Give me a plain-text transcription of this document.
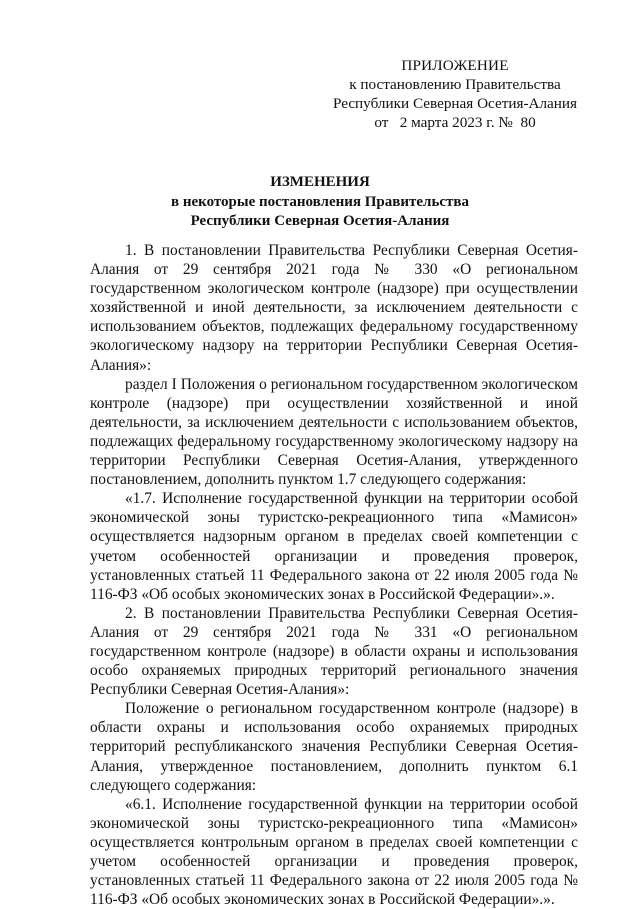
ПРИЛОЖЕНИЕ
к постановлению Правительства
Республики Северная Осетия-Алания
от   2 марта 2023 г. №  80
ИЗМЕНЕНИЯ
в некоторые постановления Правительства
Республики Северная Осетия-Алания

1. В постановлении Правительства Республики Северная Осетия-Алания от 29 сентября 2021 года № 330 «О региональном государственном экологическом контроле (надзоре) при осуществлении хозяйственной и иной деятельности, за исключением деятельности с использованием объектов, подлежащих федеральному государственному экологическому надзору на территории Республики Северная Осетия-Алания»:

раздел I Положения о региональном государственном экологическом контроле (надзоре) при осуществлении хозяйственной и иной деятельности, за исключением деятельности с использованием объектов, подлежащих федеральному государственному экологическому надзору на территории Республики Северная Осетия-Алания, утвержденного постановлением, дополнить пунктом 1.7 следующего содержания:

«1.7. Исполнение государственной функции на территории особой экономической зоны туристско-рекреационного типа «Мамисон» осуществляется надзорным органом в пределах своей компетенции с учетом особенностей организации и проведения проверок, установленных статьей 11 Федерального закона от 22 июля 2005 года № 116-ФЗ «Об особых экономических зонах в Российской Федерации».».

2. В постановлении Правительства Республики Северная Осетия-Алания от 29 сентября 2021 года № 331 «О региональном государственном контроле (надзоре) в области охраны и использования особо охраняемых природных территорий регионального значения Республики Северная Осетия-Алания»:

Положение о региональном государственном контроле (надзоре) в области охраны и использования особо охраняемых природных территорий республиканского значения Республики Северная Осетия-Алания, утвержденное постановлением, дополнить пунктом 6.1 следующего содержания:

«6.1. Исполнение государственной функции на территории особой экономической зоны туристско-рекреационного типа «Мамисон» осуществляется контрольным органом в пределах своей компетенции с учетом особенностей организации и проведения проверок, установленных статьей 11 Федерального закона от 22 июля 2005 года № 116-ФЗ «Об особых экономических зонах в Российской Федерации».».
